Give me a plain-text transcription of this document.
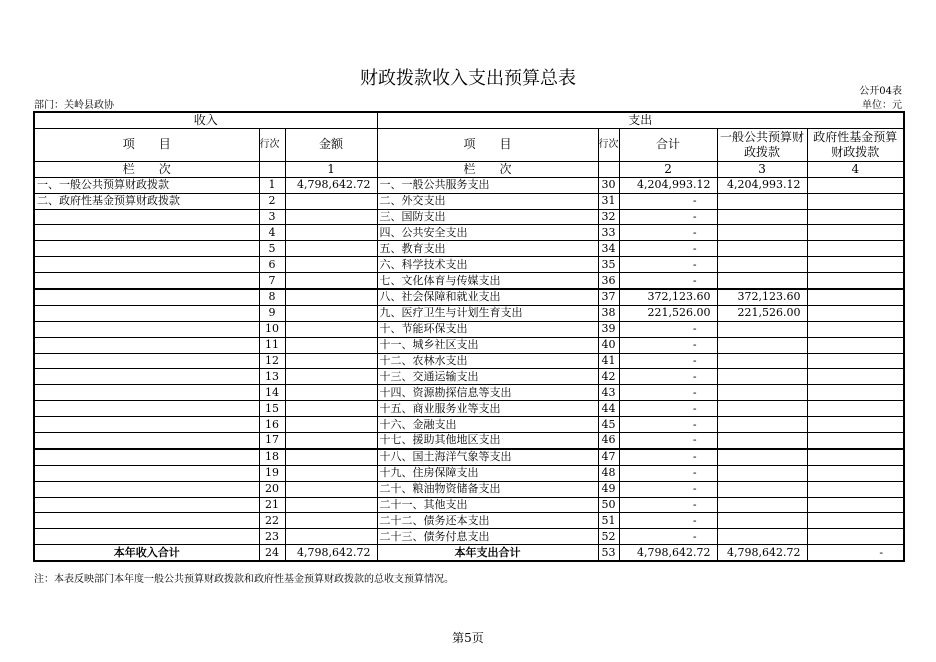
财政拨款收入支出预算总表
公开04表
部门：关岭县政协	单位：元
收入			支出				
项　　目	行次	金额	项　　目	行次	合计	一般公共预算财政拨款	政府性基金预算财政拨款
栏　　次		1	栏　　次		2	3	4
一、一般公共预算财政拨款	1	4,798,642.72	一、一般公共服务支出	30	4,204,993.12	4,204,993.12	
二、政府性基金预算财政拨款	2		二、外交支出	31	-		
	3		三、国防支出	32	-		
	4		四、公共安全支出	33	-		
	5		五、教育支出	34	-		
	6		六、科学技术支出	35	-		
	7		七、文化体育与传媒支出	36	-		
	8		八、社会保障和就业支出	37	372,123.60	372,123.60	
	9		九、医疗卫生与计划生育支出	38	221,526.00	221,526.00	
	10		十、节能环保支出	39	-		
	11		十一、城乡社区支出	40	-		
	12		十二、农林水支出	41	-		
	13		十三、交通运输支出	42	-		
	14		十四、资源勘探信息等支出	43	-		
	15		十五、商业服务业等支出	44	-		
	16		十六、金融支出	45	-		
	17		十七、援助其他地区支出	46	-		
	18		十八、国土海洋气象等支出	47	-		
	19		十九、住房保障支出	48	-		
	20		二十、粮油物资储备支出	49	-		
	21		二十一、其他支出	50	-		
	22		二十二、债务还本支出	51	-		
	23		二十三、债务付息支出	52	-		
本年收入合计	24	4,798,642.72	本年支出合计	53	4,798,642.72	4,798,642.72	-
注：本表反映部门本年度一般公共预算财政拨款和政府性基金预算财政拨款的总收支预算情况。
第5页
